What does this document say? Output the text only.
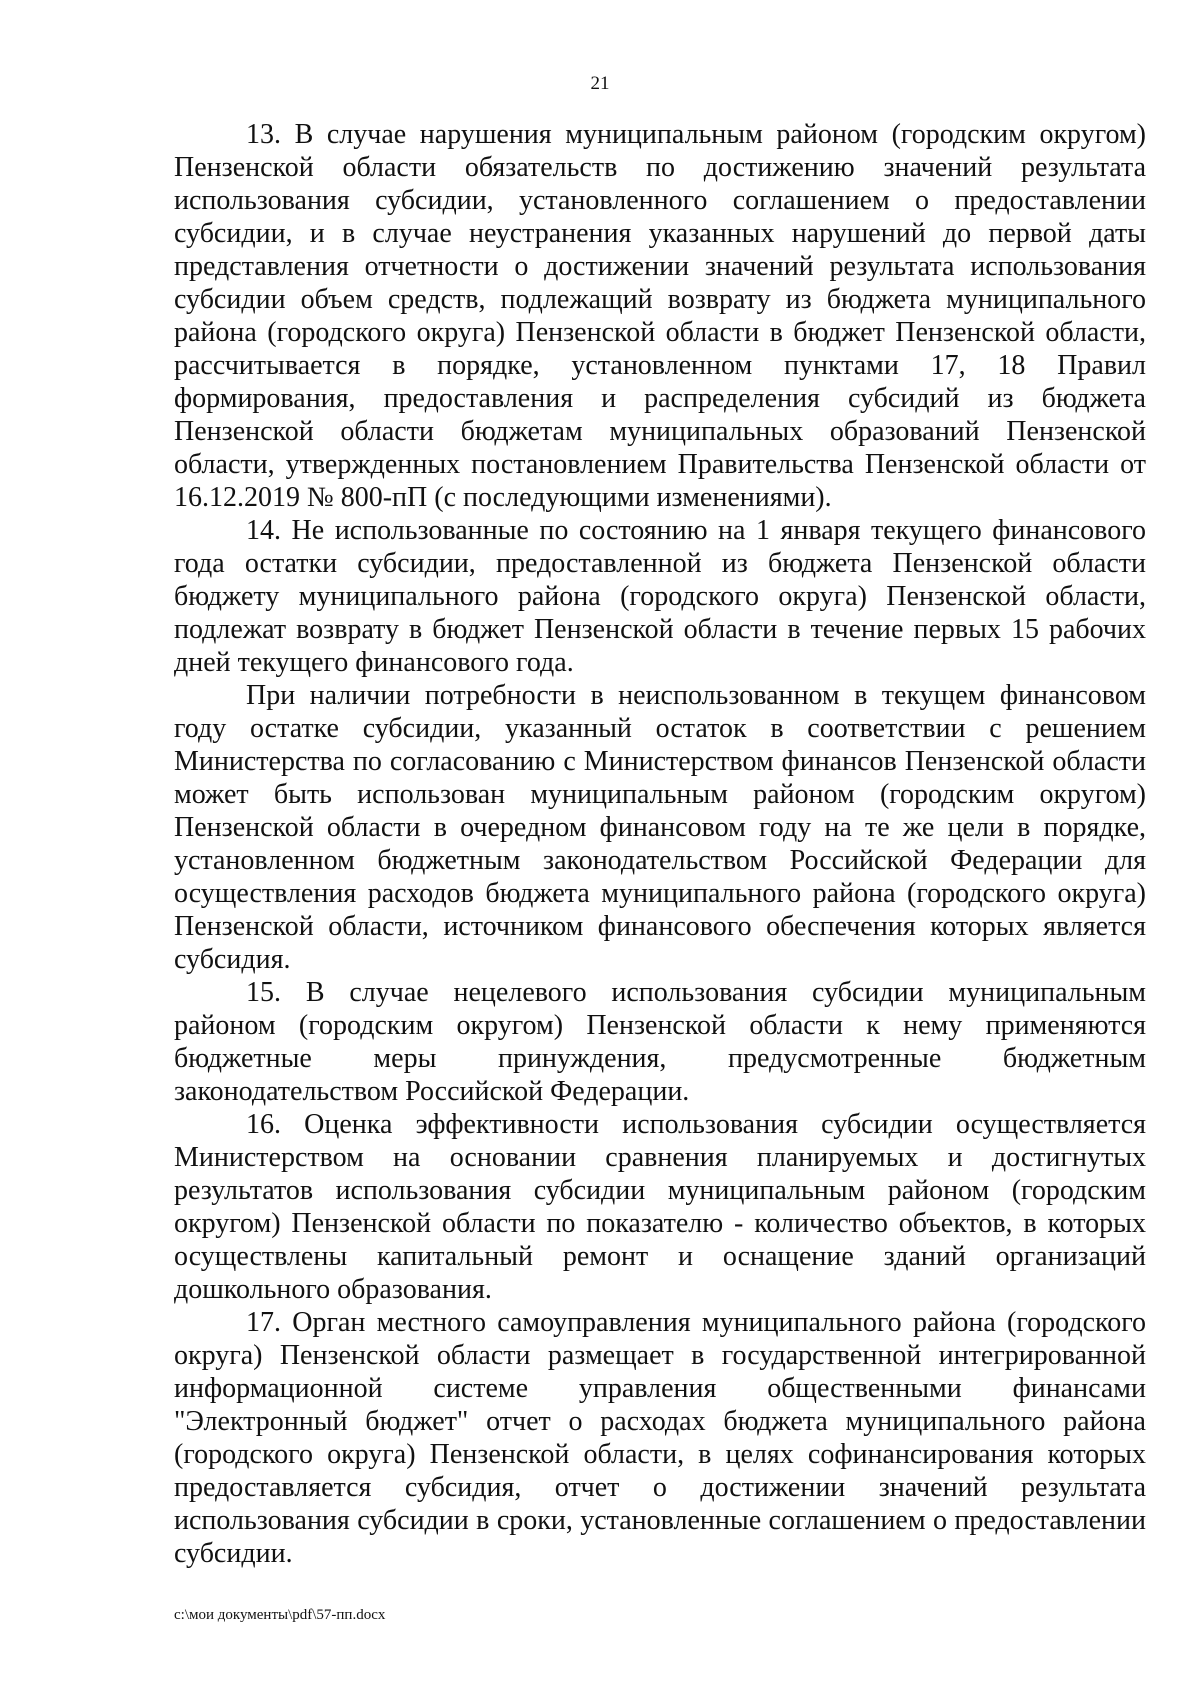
21

13. В случае нарушения муниципальным районом (городским округом) Пензенской области обязательств по достижению значений результата использования субсидии, установленного соглашением о предоставлении субсидии, и в случае неустранения указанных нарушений до первой даты представления отчетности о достижении значений результата использования субсидии объем средств, подлежащий возврату из бюджета муниципального района (городского округа) Пензенской области в бюджет Пензенской области, рассчитывается в порядке, установленном пунктами 17, 18 Правил формирования, предоставления и распределения субсидий из бюджета Пензенской области бюджетам муниципальных образований Пензенской области, утвержденных постановлением Правительства Пензенской области от 16.12.2019 № 800-пП (с последующими изменениями).

14. Не использованные по состоянию на 1 января текущего финансового года остатки субсидии, предоставленной из бюджета Пензенской области бюджету муниципального района (городского округа) Пензенской области, подлежат возврату в бюджет Пензенской области в течение первых 15 рабочих дней текущего финансового года.

При наличии потребности в неиспользованном в текущем финансовом году остатке субсидии, указанный остаток в соответствии с решением Министерства по согласованию с Министерством финансов Пензенской области может быть использован муниципальным районом (городским округом) Пензенской области в очередном финансовом году на те же цели в порядке, установленном бюджетным законодательством Российской Федерации для осуществления расходов бюджета муниципального района (городского округа) Пензенской области, источником финансового обеспечения которых является субсидия.

15. В случае нецелевого использования субсидии муниципальным районом (городским округом) Пензенской области к нему применяются бюджетные меры принуждения, предусмотренные бюджетным законодательством Российской Федерации.

16. Оценка эффективности использования субсидии осуществляется Министерством на основании сравнения планируемых и достигнутых результатов использования субсидии муниципальным районом (городским округом) Пензенской области по показателю - количество объектов, в которых осуществлены капитальный ремонт и оснащение зданий организаций дошкольного образования.

17. Орган местного самоуправления муниципального района (городского округа) Пензенской области размещает в государственной интегрированной информационной системе управления общественными финансами "Электронный бюджет" отчет о расходах бюджета муниципального района (городского округа) Пензенской области, в целях софинансирования которых предоставляется субсидия, отчет о достижении значений результата использования субсидии в сроки, установленные соглашением о предоставлении субсидии.

c:\мои документы\pdf\57-пп.docx
